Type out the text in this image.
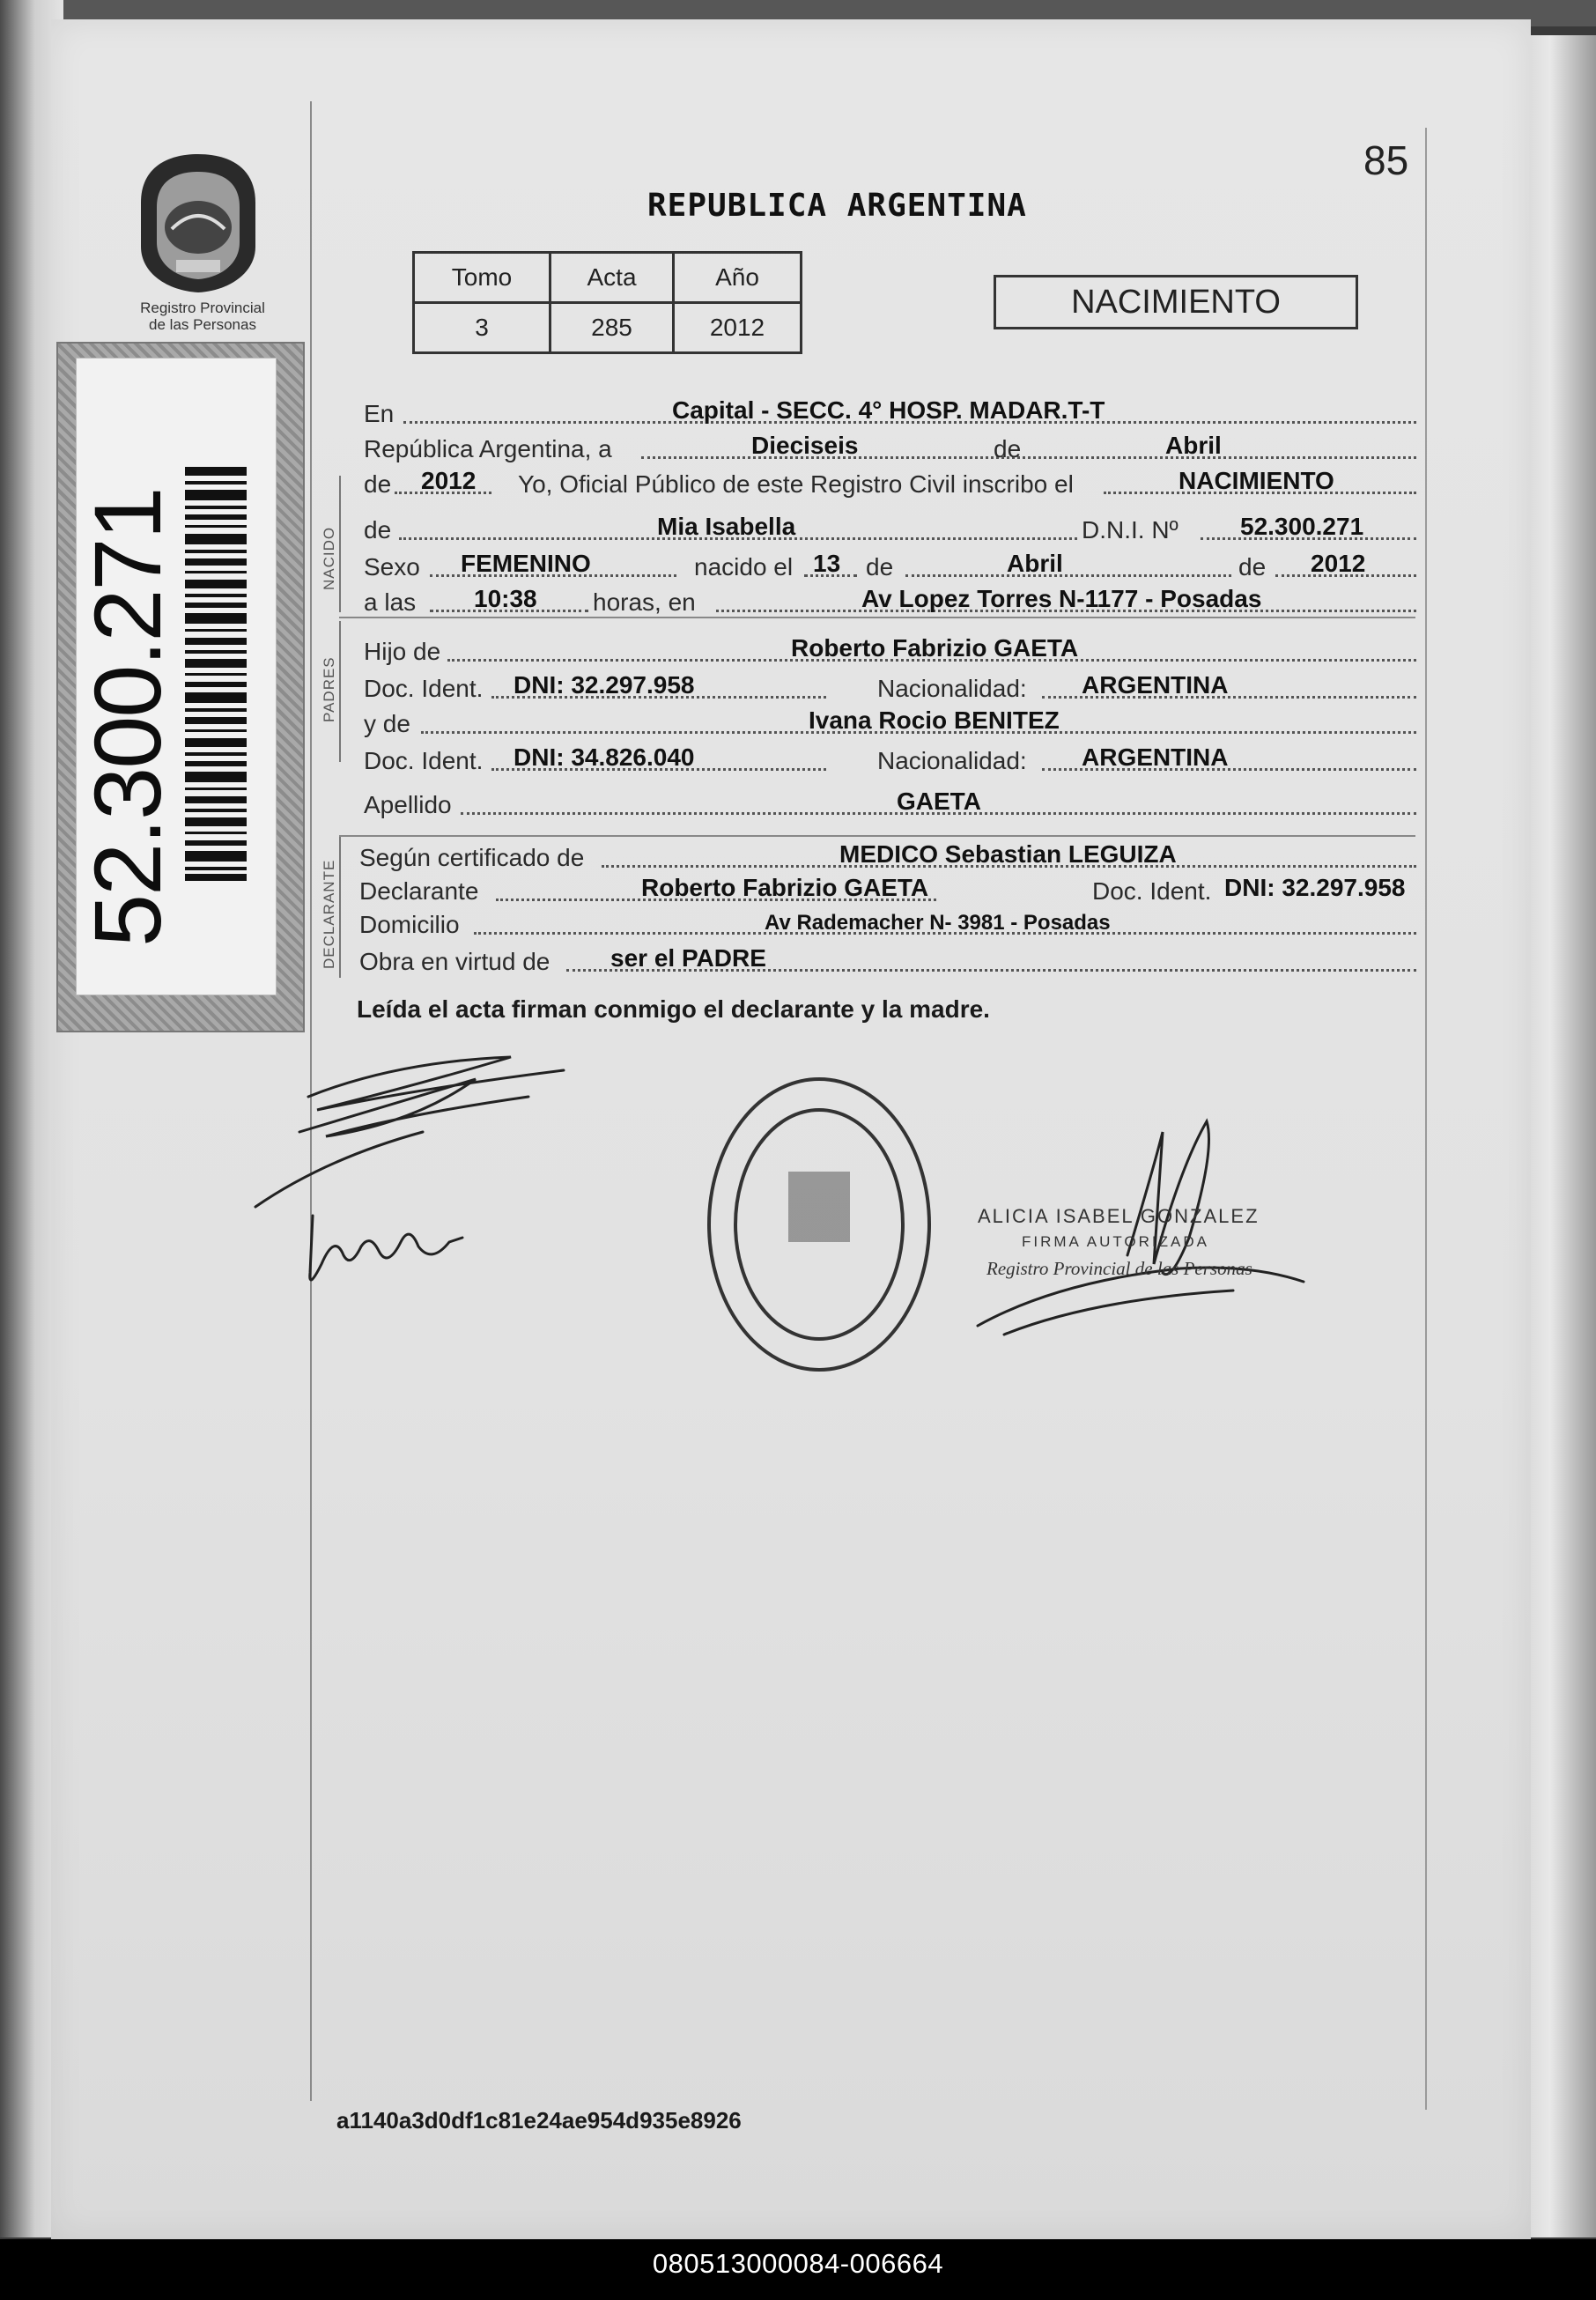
Registro Provincial
de las Personas
52.300.271
85
REPUBLICA ARGENTINA
Tomo	Acta	Año
3	285	2012
NACIMIENTO
NACIDO
PADRES
DECLARANTE
En	Capital - SECC. 4° HOSP. MADAR.T-T
República Argentina, a	Dieciseis	de	Abril
de 2012 Yo, Oficial Público de este Registro Civil inscribo el	NACIMIENTO
de	Mia Isabella	D.N.I. Nº	52.300.271
Sexo FEMENINO	nacido el 13 de	Abril	de 2012
a las 10:38 horas, en	Av Lopez Torres N-1177 - Posadas
Hijo de	Roberto Fabrizio GAETA
Doc. Ident. DNI: 32.297.958	Nacionalidad: ARGENTINA
y de	Ivana Rocio BENITEZ
Doc. Ident. DNI: 34.826.040	Nacionalidad: ARGENTINA
Apellido	GAETA
Según certificado de	MEDICO Sebastian LEGUIZA
Declarante	Roberto Fabrizio GAETA	Doc. Ident. DNI: 32.297.958
Domicilio	Av Rademacher N- 3981 - Posadas
Obra en virtud de ser el PADRE
Leída el acta firman conmigo el declarante y la madre.
ALICIA ISABEL GONZALEZ
FIRMA AUTORIZADA
Registro Provincial de las Personas
a1140a3d0df1c81e24ae954d935e8926
080513000084-006664
